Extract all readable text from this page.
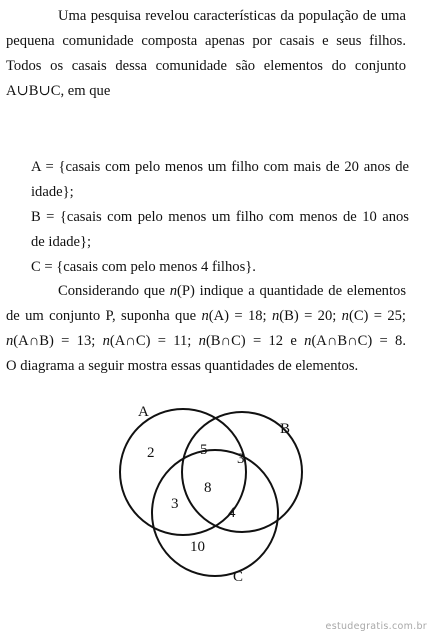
Uma pesquisa revelou características da população de uma
pequena comunidade composta apenas por casais e seus filhos.
Todos os casais dessa comunidade são elementos do conjunto
A∪B∪C, em que
A = {casais com pelo menos um filho com mais de 20 anos de
idade};
B = {casais com pelo menos um filho com menos de 10 anos
de idade};
C = {casais com pelo menos 4 filhos}.
Considerando que n(P) indique a quantidade de elementos
de um conjunto P, suponha que n(A) = 18; n(B) = 20; n(C) = 25;
n(A∩B) = 13; n(A∩C) = 11; n(B∩C) = 12 e n(A∩B∩C) = 8.
O diagrama a seguir mostra essas quantidades de elementos.
A
B
C
2	5
3
8
3
4
10
estudegratis.com.br
